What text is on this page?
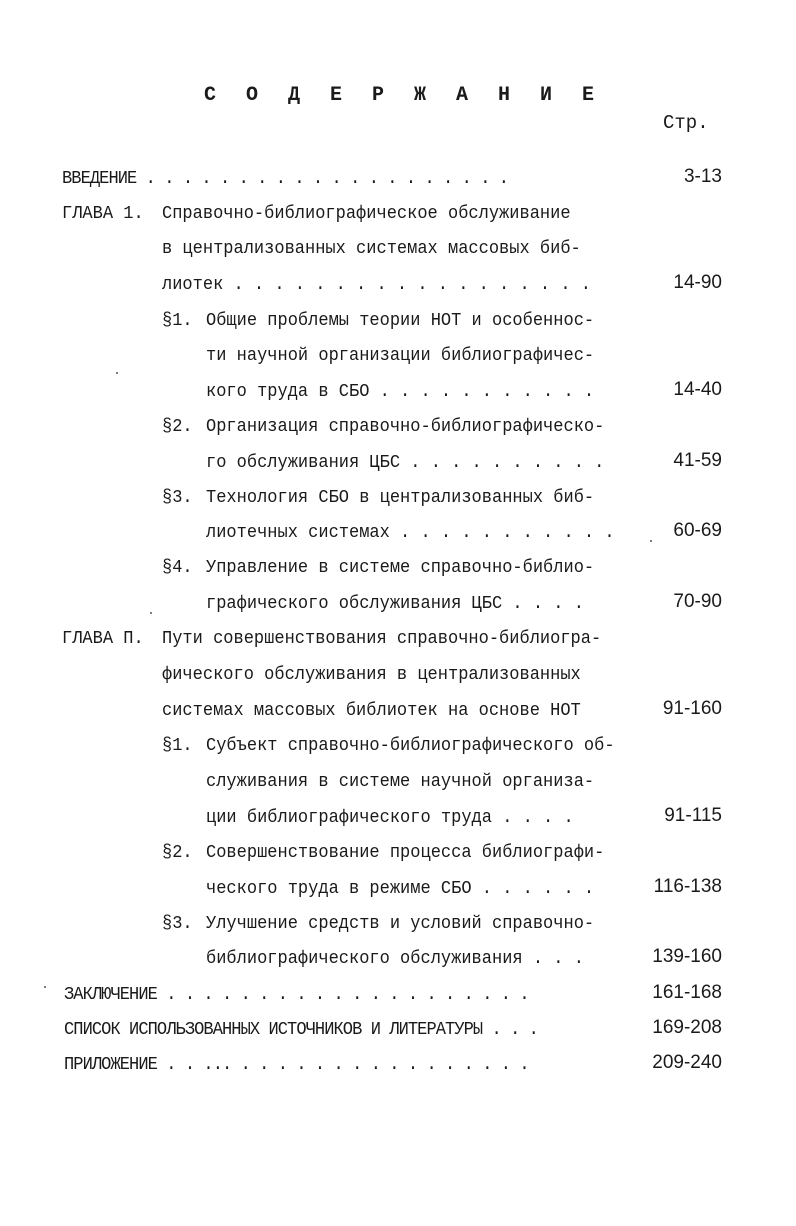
С О Д Е Р Ж А Н И Е
Стр.
ВВЕДЕНИЕ . . . . . . . . . . . . . . . . . . . .	3-13
ГЛАВА 1. Справочно-библиографическое обслуживание
в централизованных системах массовых биб-
лиотек . . . . . . . . . . . . . . . . . .	14-90
§1. Общие проблемы теории НОТ и особеннос-
ти научной организации библиографичес-
кого труда в СБО . . . . . . . . . . .	14-40
§2. Организация справочно-библиографическо-
го обслуживания ЦБС . . . . . . . . . .	41-59
§3. Технология СБО в централизованных биб-
лиотечных системах . . . . . . . . . . .	60-69
§4. Управление в системе справочно-библио-
графического обслуживания ЦБС . . . .	70-90
ГЛАВА П. Пути совершенствования справочно-библиогра-
фического обслуживания в централизованных
системах массовых библиотек на основе НОТ	91-160
§1. Субъект справочно-библиографического об-
служивания в системе научной организа-
ции библиографического труда . . . .	91-115
§2. Совершенствование процесса библиографи-
ческого труда в режиме СБО . . . . . .	116-138
§3. Улучшение средств и условий справочно-
библиографического обслуживания . . .	139-160
ЗАКЛЮЧЕНИЕ . . . . . . . . . . . . . . . . . . . .	161-168
СПИСОК ИСПОЛЬЗОВАННЫХ ИСТОЧНИКОВ И ЛИТЕРАТУРЫ . . .	169-208
ПРИЛОЖЕНИЕ . . ... . . . . . . . . . . . . . . . .	209-240
